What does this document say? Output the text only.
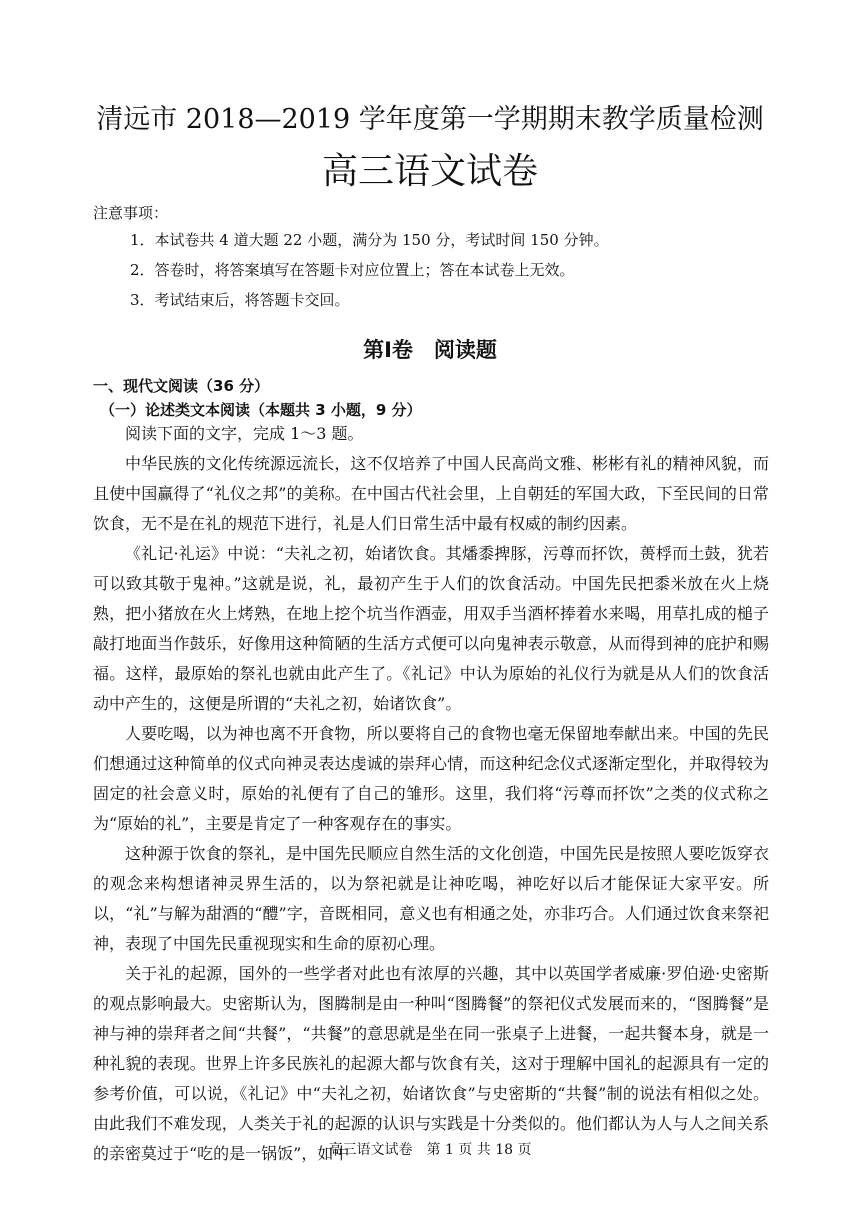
清远市 2018—2019 学年度第一学期期末教学质量检测
高三语文试卷
注意事项：
1．本试卷共 4 道大题 22 小题，满分为 150 分，考试时间 150 分钟。
2．答卷时，将答案填写在答题卡对应位置上；答在本试卷上无效。
3．考试结束后，将答题卡交回。
第Ⅰ卷　阅读题
一、现代文阅读（36 分）
（一）论述类文本阅读（本题共 3 小题，9 分）

阅读下面的文字，完成 1～3 题。

中华民族的文化传统源远流长，这不仅培养了中国人民高尚文雅、彬彬有礼的精神风貌，而且使中国赢得了“礼仪之邦”的美称。在中国古代社会里，上自朝廷的军国大政，下至民间的日常饮食，无不是在礼的规范下进行，礼是人们日常生活中最有权威的制约因素。

《礼记·礼运》中说：“夫礼之初，始诸饮食。其燔黍捭豚，污尊而抔饮，蒉桴而土鼓，犹若可以致其敬于鬼神。”这就是说，礼，最初产生于人们的饮食活动。中国先民把黍米放在火上烧熟，把小猪放在火上烤熟，在地上挖个坑当作酒壶，用双手当酒杯捧着水来喝，用草扎成的槌子敲打地面当作鼓乐，好像用这种简陋的生活方式便可以向鬼神表示敬意，从而得到神的庇护和赐福。这样，最原始的祭礼也就由此产生了。《礼记》中认为原始的礼仪行为就是从人们的饮食活动中产生的，这便是所谓的“夫礼之初，始诸饮食”。

人要吃喝，以为神也离不开食物，所以要将自己的食物也毫无保留地奉献出来。中国的先民们想通过这种简单的仪式向神灵表达虔诚的崇拜心情，而这种纪念仪式逐渐定型化，并取得较为固定的社会意义时，原始的礼便有了自己的雏形。这里，我们将“污尊而抔饮”之类的仪式称之为“原始的礼”，主要是肯定了一种客观存在的事实。

这种源于饮食的祭礼，是中国先民顺应自然生活的文化创造，中国先民是按照人要吃饭穿衣的观念来构想诸神灵界生活的，以为祭祀就是让神吃喝，神吃好以后才能保证大家平安。所以，“礼”与解为甜酒的“醴”字，音既相同，意义也有相通之处，亦非巧合。人们通过饮食来祭祀神，表现了中国先民重视现实和生命的原初心理。

关于礼的起源，国外的一些学者对此也有浓厚的兴趣，其中以英国学者威廉·罗伯逊·史密斯的观点影响最大。史密斯认为，图腾制是由一种叫“图腾餐”的祭祀仪式发展而来的，“图腾餐”是神与神的崇拜者之间“共餐”，“共餐”的意思就是坐在同一张桌子上进餐，一起共餐本身，就是一种礼貌的表现。世界上许多民族礼的起源大都与饮食有关，这对于理解中国礼的起源具有一定的参考价值，可以说，《礼记》中“夫礼之初，始诸饮食”与史密斯的“共餐”制的说法有相似之处。由此我们不难发现，人类关于礼的起源的认识与实践是十分类似的。他们都认为人与人之间关系的亲密莫过于“吃的是一锅饭”，如中

高三语文试卷　第 1 页 共 18 页
